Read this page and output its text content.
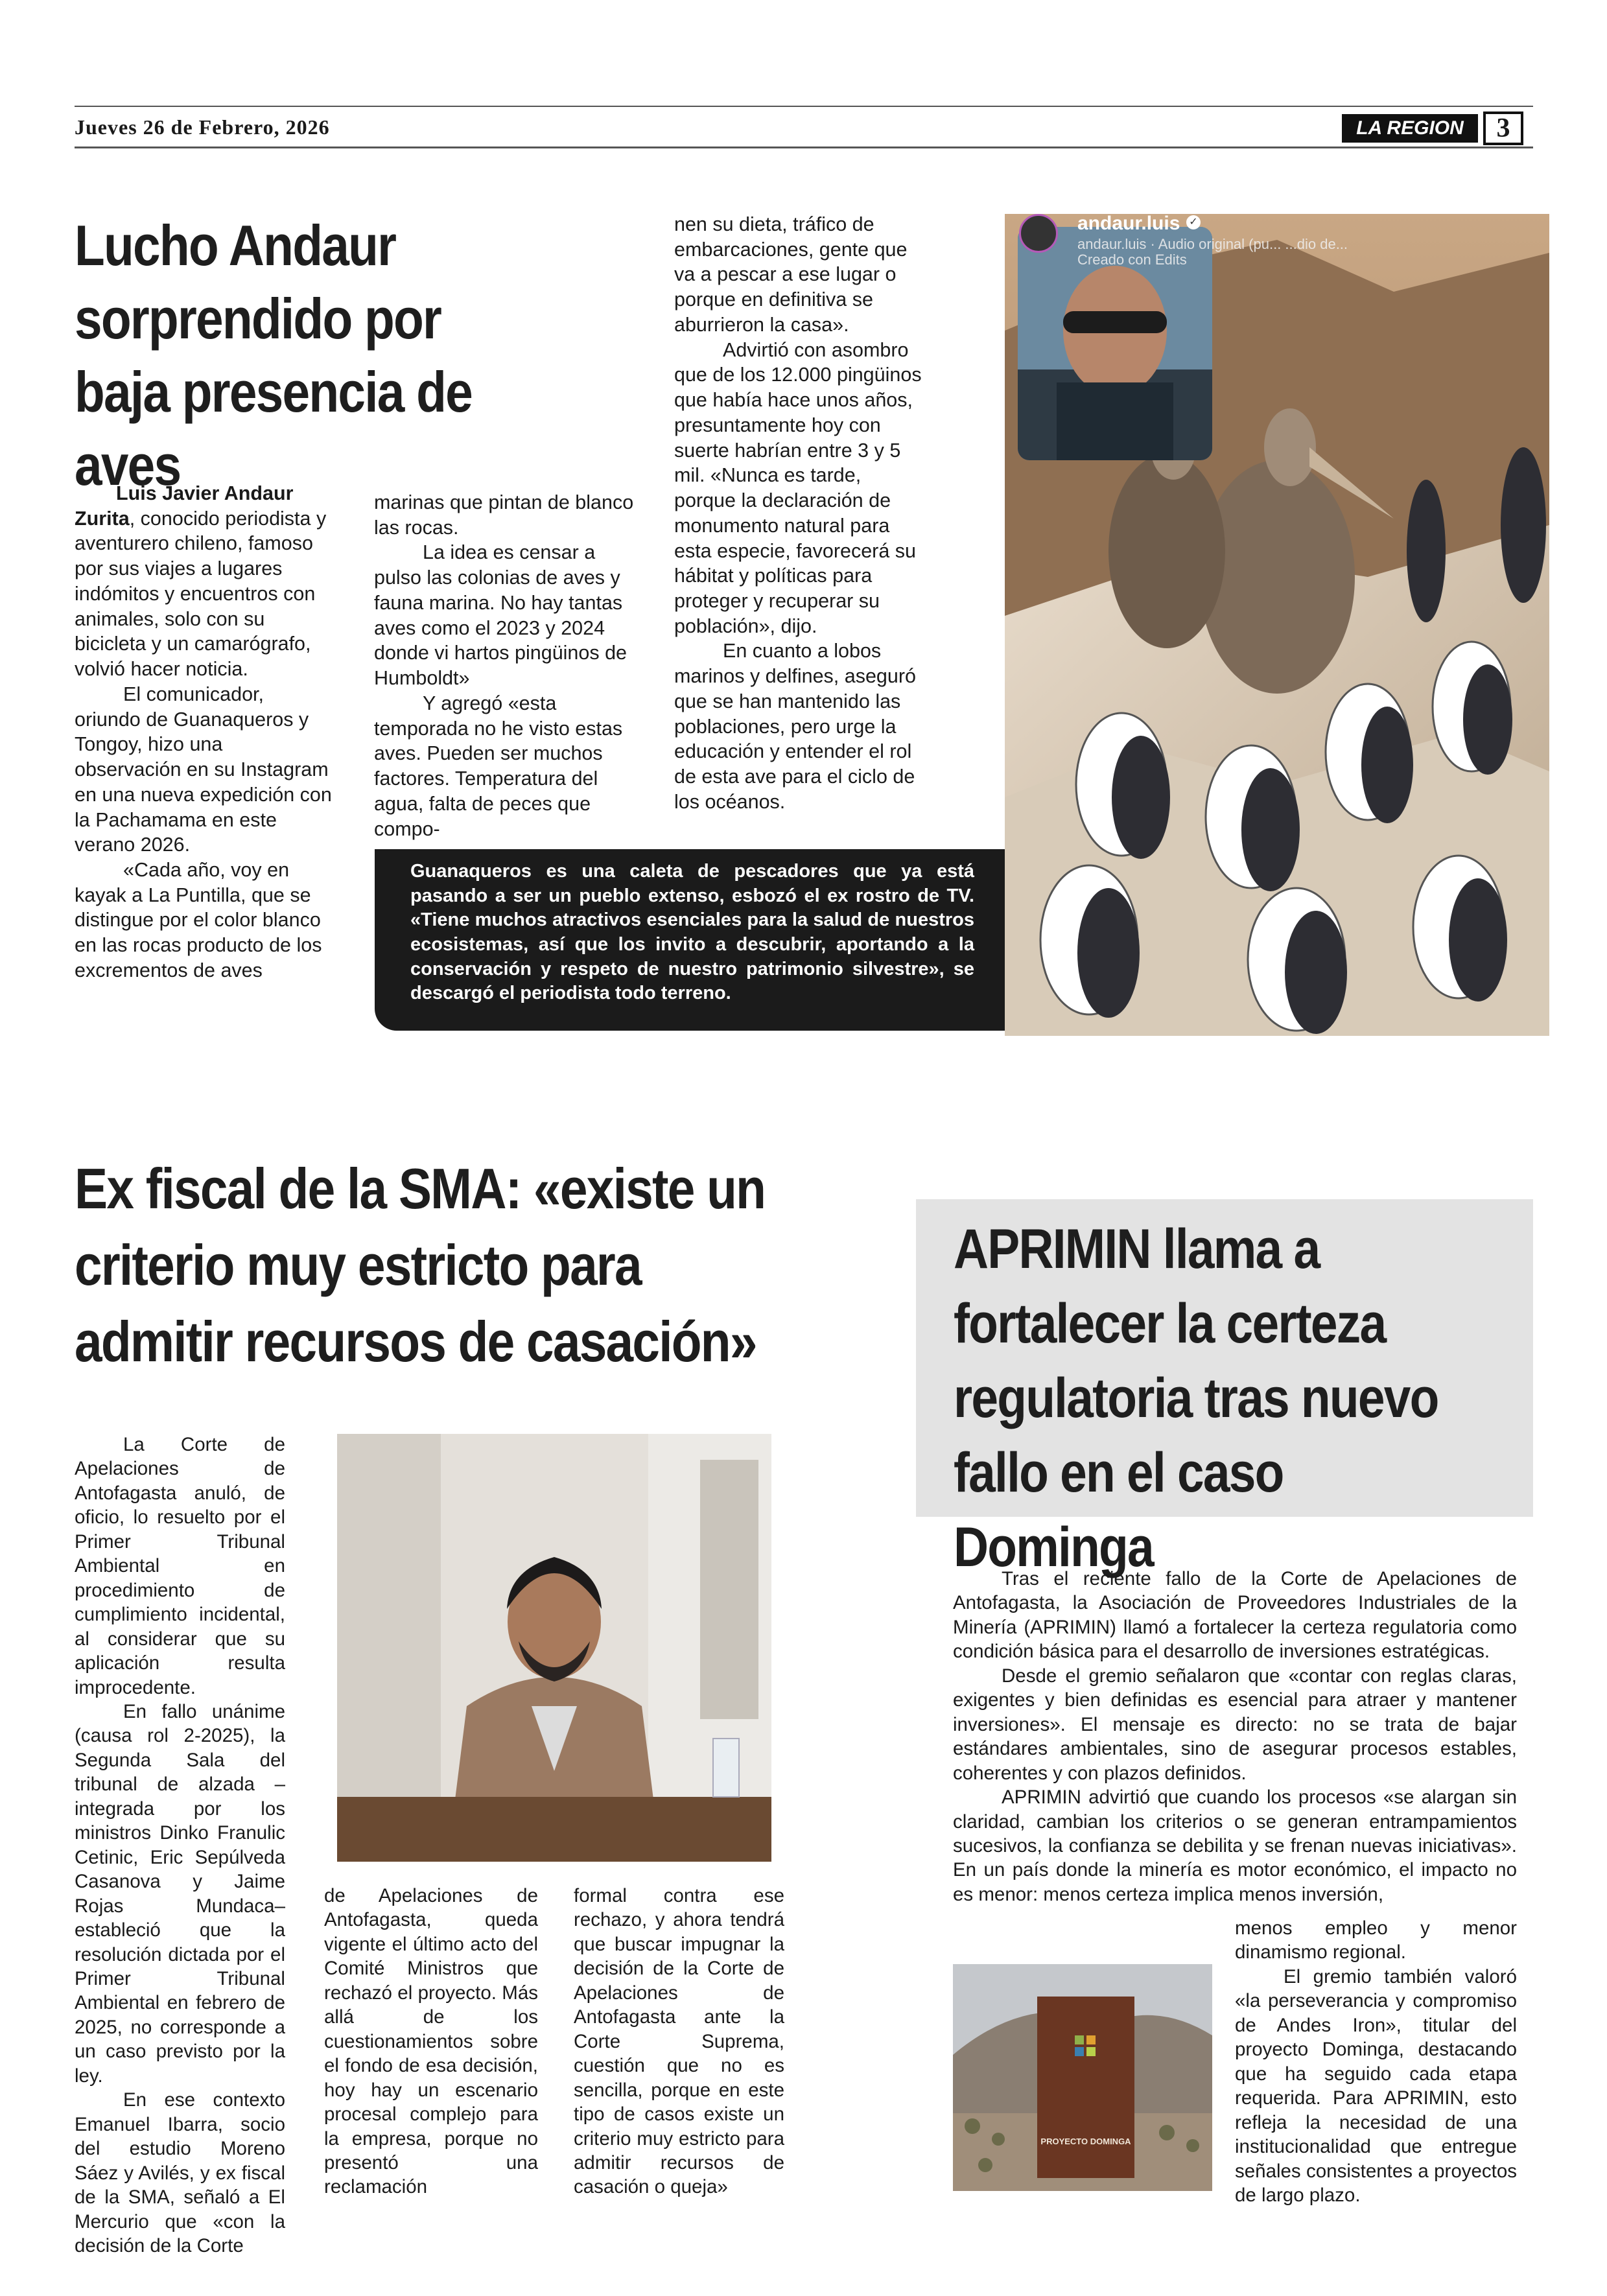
Jueves 26 de Febrero, 2026	LA REGION	3
Lucho Andaur
sorprendido por
baja presencia de aves

Luis Javier Andaur
Zurita, conocido periodista y aventurero chileno, famoso por sus viajes a lugares indómitos y encuentros con animales, solo con su bicicleta y un camarógrafo, volvió hacer noticia.

El comunicador, oriundo de Guanaqueros y Tongoy, hizo una observación en su Instagram en una nueva expedición con la Pachamama en este verano 2026.

«Cada año, voy en kayak a La Puntilla, que se distingue por el color blanco en las rocas producto de los excrementos de aves

marinas que pintan de blanco las rocas.

La idea es censar a pulso las colonias de aves y fauna marina. No hay tantas aves como el 2023 y 2024 donde vi hartos pingüinos de Humboldt»

Y agregó «esta temporada no he visto estas aves. Pueden ser muchos factores. Temperatura del agua, falta de peces que compo-

nen su dieta, tráfico de embarcaciones, gente que va a pescar a ese lugar o porque en definitiva se aburrieron la casa».

Advirtió con asombro que de los 12.000 pingüinos que había hace unos años, presuntamente hoy con suerte habrían entre 3 y 5 mil. «Nunca es tarde, porque la declaración de monumento natural para esta especie, favorecerá su hábitat y políticas para proteger y recuperar su población», dijo.

En cuanto a lobos marinos y delfines, aseguró que se han mantenido las poblaciones, pero urge la educación y entender el rol de esta ave para el ciclo de los océanos.

andaur.luis ✓
andaur.luis · Audio original (pu... ...dio de...
Creado con Edits
Guanaqueros es una caleta de pescadores que ya está pasando a ser un pueblo extenso, esbozó el ex rostro de TV. «Tiene muchos atractivos esenciales para la salud de nuestros ecosistemas, así que los invito a descubrir, aportando a la conservación y respeto de nuestro patrimonio silvestre», se descargó el periodista todo terreno.
Ex fiscal de la SMA: «existe un
criterio muy estricto para
admitir recursos de casación»

La Corte de Apelaciones de Antofagasta anuló, de oficio, lo resuelto por el Primer Tribunal Ambiental en procedimiento de cumplimiento incidental, al considerar que su aplicación resulta improcedente.

En fallo unánime (causa rol 2-2025), la Segunda Sala del tribunal de alzada –integrada por los ministros Dinko Franulic Cetinic, Eric Sepúlveda Casanova y Jaime Rojas Mundaca– estableció que la resolución dictada por el Primer Tribunal Ambiental en febrero de 2025, no corresponde a un caso previsto por la ley.

En ese contexto Emanuel Ibarra, socio del estudio Moreno Sáez y Avilés, y ex fiscal de la SMA, señaló a El Mercurio que «con la decisión de la Corte

de Apelaciones de Antofagasta, queda vigente el último acto del Comité Ministros que rechazó el proyecto. Más allá de los cuestionamientos sobre el fondo de esa decisión, hoy hay un escenario procesal complejo para la empresa, porque no presentó una reclamación

formal contra ese rechazo, y ahora tendrá que buscar impugnar la decisión de la Corte de Apelaciones de Antofagasta ante la Corte Suprema, cuestión que no es sencilla, porque en este tipo de casos existe un criterio muy estricto para admitir recursos de casación o queja»

APRIMIN llama a
fortalecer la certeza
regulatoria tras nuevo
fallo en el caso Dominga

Tras el reciente fallo de la Corte de Apelaciones de Antofagasta, la Asociación de Proveedores Industriales de la Minería (APRIMIN) llamó a fortalecer la certeza regulatoria como condición básica para el desarrollo de inversiones estratégicas.

Desde el gremio señalaron que «contar con reglas claras, exigentes y bien definidas es esencial para atraer y mantener inversiones». El mensaje es directo: no se trata de bajar estándares ambientales, sino de asegurar procesos estables, coherentes y con plazos definidos.

APRIMIN advirtió que cuando los procesos «se alargan sin claridad, cambian los criterios o se generan entrampamientos sucesivos, la confianza se debilita y se frenan nuevas iniciativas». En un país donde la minería es motor económico, el impacto no es menor: menos certeza implica menos inversión,

PROYECTO DOMINGA

menos empleo y menor dinamismo regional.

El gremio también valoró «la perseverancia y compromiso de Andes Iron», titular del proyecto Dominga, destacando que ha seguido cada etapa requerida. Para APRIMIN, esto refleja la necesidad de una institucionalidad que entregue señales consistentes a proyectos de largo plazo.
